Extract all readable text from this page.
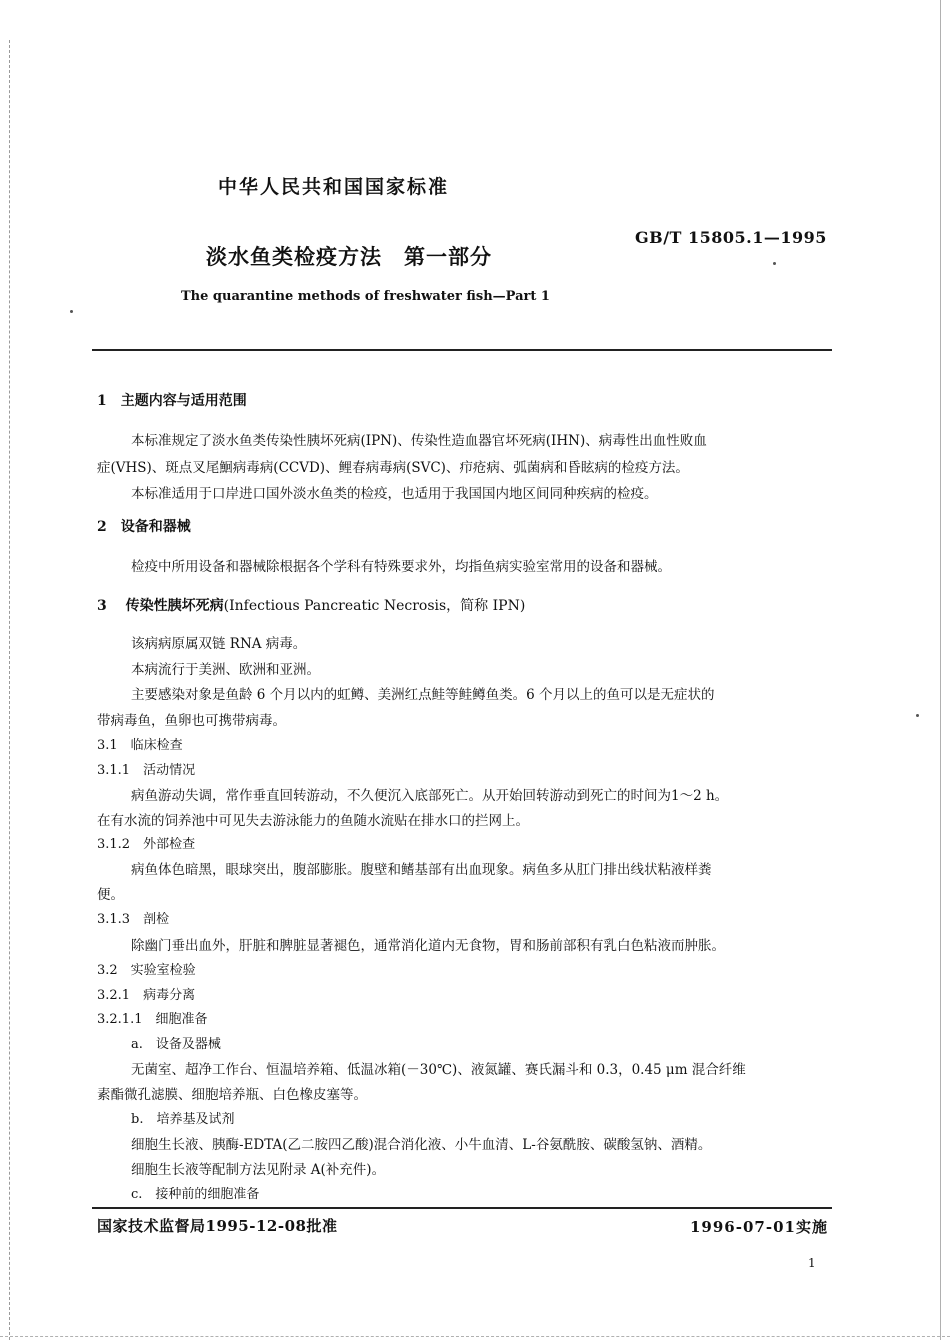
中华人民共和国国家标准
淡水鱼类检疫方法　第一部分
GB/T 15805.1—1995
The quarantine methods of freshwater fish—Part 1
1　主题内容与适用范围
本标准规定了淡水鱼类传染性胰坏死病(IPN)、传染性造血器官坏死病(IHN)、病毒性出血性败血
症(VHS)、斑点叉尾鮰病毒病(CCVD)、鲤春病毒病(SVC)、疖疮病、弧菌病和昏眩病的检疫方法。
本标准适用于口岸进口国外淡水鱼类的检疫，也适用于我国国内地区间同种疾病的检疫。
2　设备和器械
检疫中所用设备和器械除根据各个学科有特殊要求外，均指鱼病实验室常用的设备和器械。
3 传染性胰坏死病(Infectious Pancreatic Necrosis，简称 IPN)
该病病原属双链 RNA 病毒。
本病流行于美洲、欧洲和亚洲。
主要感染对象是鱼龄 6 个月以内的虹鳟、美洲红点鲑等鲑鳟鱼类。6 个月以上的鱼可以是无症状的
带病毒鱼，鱼卵也可携带病毒。
3.1　临床检查
3.1.1　活动情况
病鱼游动失调，常作垂直回转游动，不久便沉入底部死亡。从开始回转游动到死亡的时间为1～2 h。
在有水流的饲养池中可见失去游泳能力的鱼随水流贴在排水口的拦网上。
3.1.2　外部检查
病鱼体色暗黑，眼球突出，腹部膨胀。腹壁和鳍基部有出血现象。病鱼多从肛门排出线状粘液样粪
便。
3.1.3　剖检
除幽门垂出血外，肝脏和脾脏显著褪色，通常消化道内无食物，胃和肠前部积有乳白色粘液而肿胀。
3.2　实验室检验
3.2.1　病毒分离
3.2.1.1　细胞准备
a.　设备及器械
无菌室、超净工作台、恒温培养箱、低温冰箱(－30℃)、液氮罐、赛氏漏斗和 0.3，0.45 μm 混合纤维
素酯微孔滤膜、细胞培养瓶、白色橡皮塞等。
b.　培养基及试剂
细胞生长液、胰酶-EDTA(乙二胺四乙酸)混合消化液、小牛血清、L-谷氨酰胺、碳酸氢钠、酒精。
细胞生长液等配制方法见附录 A(补充件)。
c.　接种前的细胞准备
国家技术监督局1995-12-08批准	1996-07-01实施
1
